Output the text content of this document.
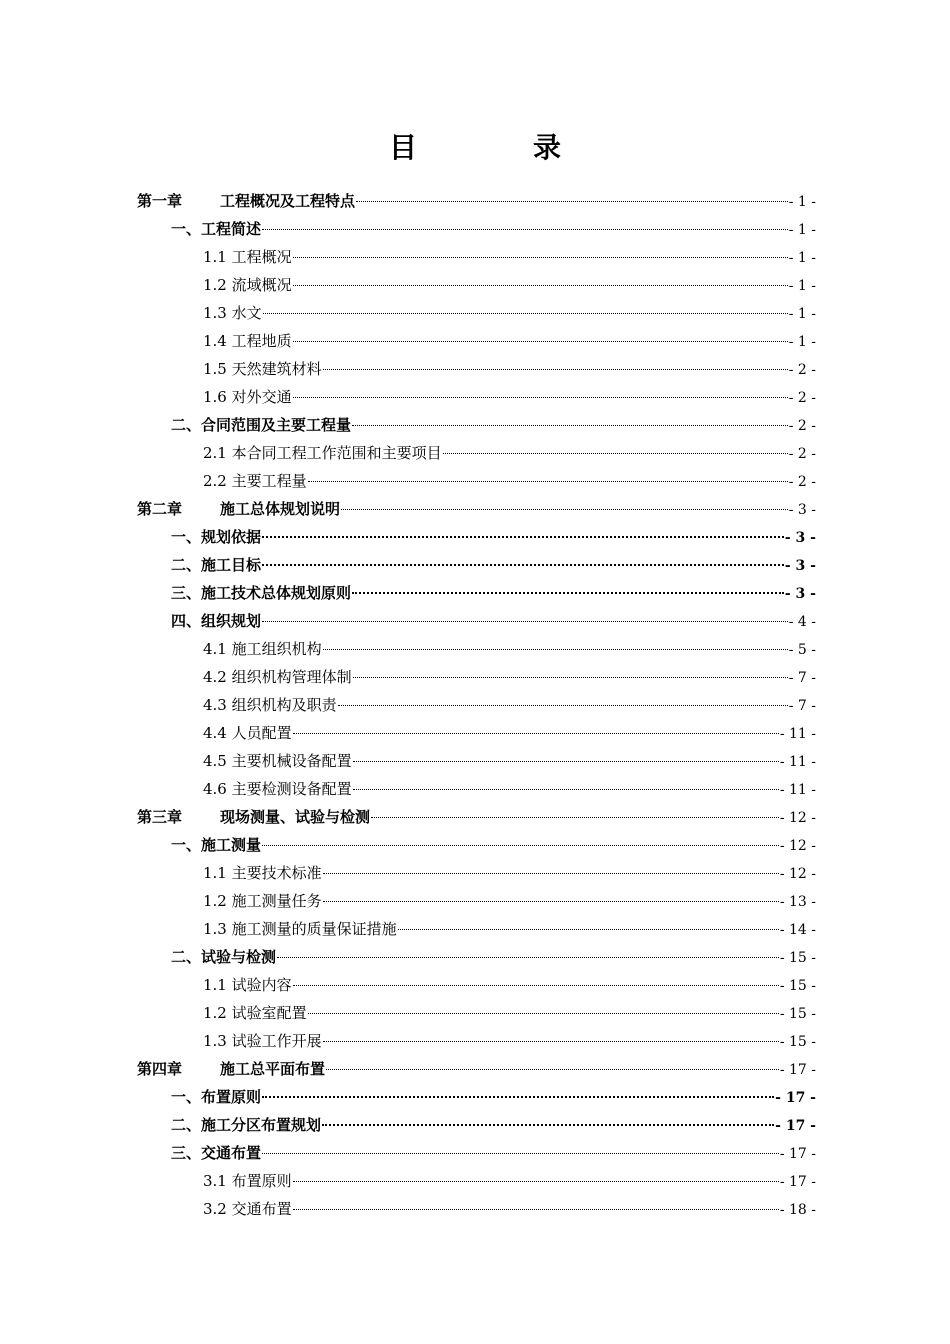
目　录
第一章	工程概况及工程特点	- 1 -
一、工程简述	- 1 -
1.1 工程概况	- 1 -
1.2 流域概况	- 1 -
1.3 水文	- 1 -
1.4 工程地质	- 1 -
1.5 天然建筑材料	- 2 -
1.6 对外交通	- 2 -
二、合同范围及主要工程量	- 2 -
2.1 本合同工程工作范围和主要项目	- 2 -
2.2 主要工程量	- 2 -
第二章	施工总体规划说明	- 3 -
一、规划依据	- 3 -
二、施工目标	- 3 -
三、施工技术总体规划原则	- 3 -
四、组织规划	- 4 -
4.1 施工组织机构	- 5 -
4.2 组织机构管理体制	- 7 -
4.3 组织机构及职责	- 7 -
4.4 人员配置	- 11 -
4.5 主要机械设备配置	- 11 -
4.6 主要检测设备配置	- 11 -
第三章	现场测量、试验与检测	- 12 -
一、施工测量	- 12 -
1.1 主要技术标准	- 12 -
1.2 施工测量任务	- 13 -
1.3 施工测量的质量保证措施	- 14 -
二、试验与检测	- 15 -
1.1 试验内容	- 15 -
1.2 试验室配置	- 15 -
1.3 试验工作开展	- 15 -
第四章	施工总平面布置	- 17 -
一、布置原则	- 17 -
二、施工分区布置规划	- 17 -
三、交通布置	- 17 -
3.1 布置原则	- 17 -
3.2 交通布置	- 18 -
